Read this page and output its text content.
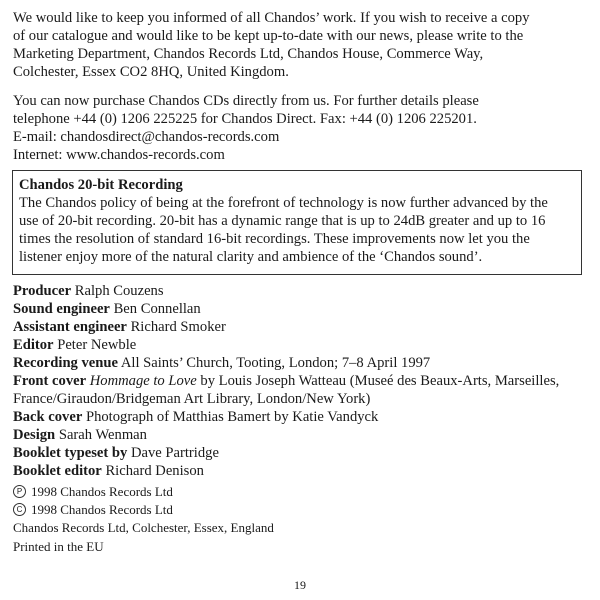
We would like to keep you informed of all Chandos’ work. If you wish to receive a copy
of our catalogue and would like to be kept up-to-date with our news, please write to the
Marketing Department, Chandos Records Ltd, Chandos House, Commerce Way,
Colchester, Essex CO2 8HQ, United Kingdom.
You can now purchase Chandos CDs directly from us. For further details please
telephone +44 (0) 1206 225225 for Chandos Direct. Fax: +44 (0) 1206 225201.
E-mail: chandosdirect@chandos-records.com
Internet: www.chandos-records.com
Chandos 20-bit Recording
The Chandos policy of being at the forefront of technology is now further advanced by the
use of 20-bit recording. 20-bit has a dynamic range that is up to 24dB greater and up to 16
times the resolution of standard 16-bit recordings. These improvements now let you the
listener enjoy more of the natural clarity and ambience of the ‘Chandos sound’.
Producer Ralph Couzens
Sound engineer Ben Connellan
Assistant engineer Richard Smoker
Editor Peter Newble
Recording venue All Saints’ Church, Tooting, London; 7–8 April 1997
Front cover Hommage to Love by Louis Joseph Watteau (Museé des Beaux-Arts, Marseilles,
France/Giraudon/Bridgeman Art Library, London/New York)
Back cover Photograph of Matthias Bamert by Katie Vandyck
Design Sarah Wenman
Booklet typeset by Dave Partridge
Booklet editor Richard Denison
P 1998 Chandos Records Ltd
C 1998 Chandos Records Ltd
Chandos Records Ltd, Colchester, Essex, England
Printed in the EU
19
